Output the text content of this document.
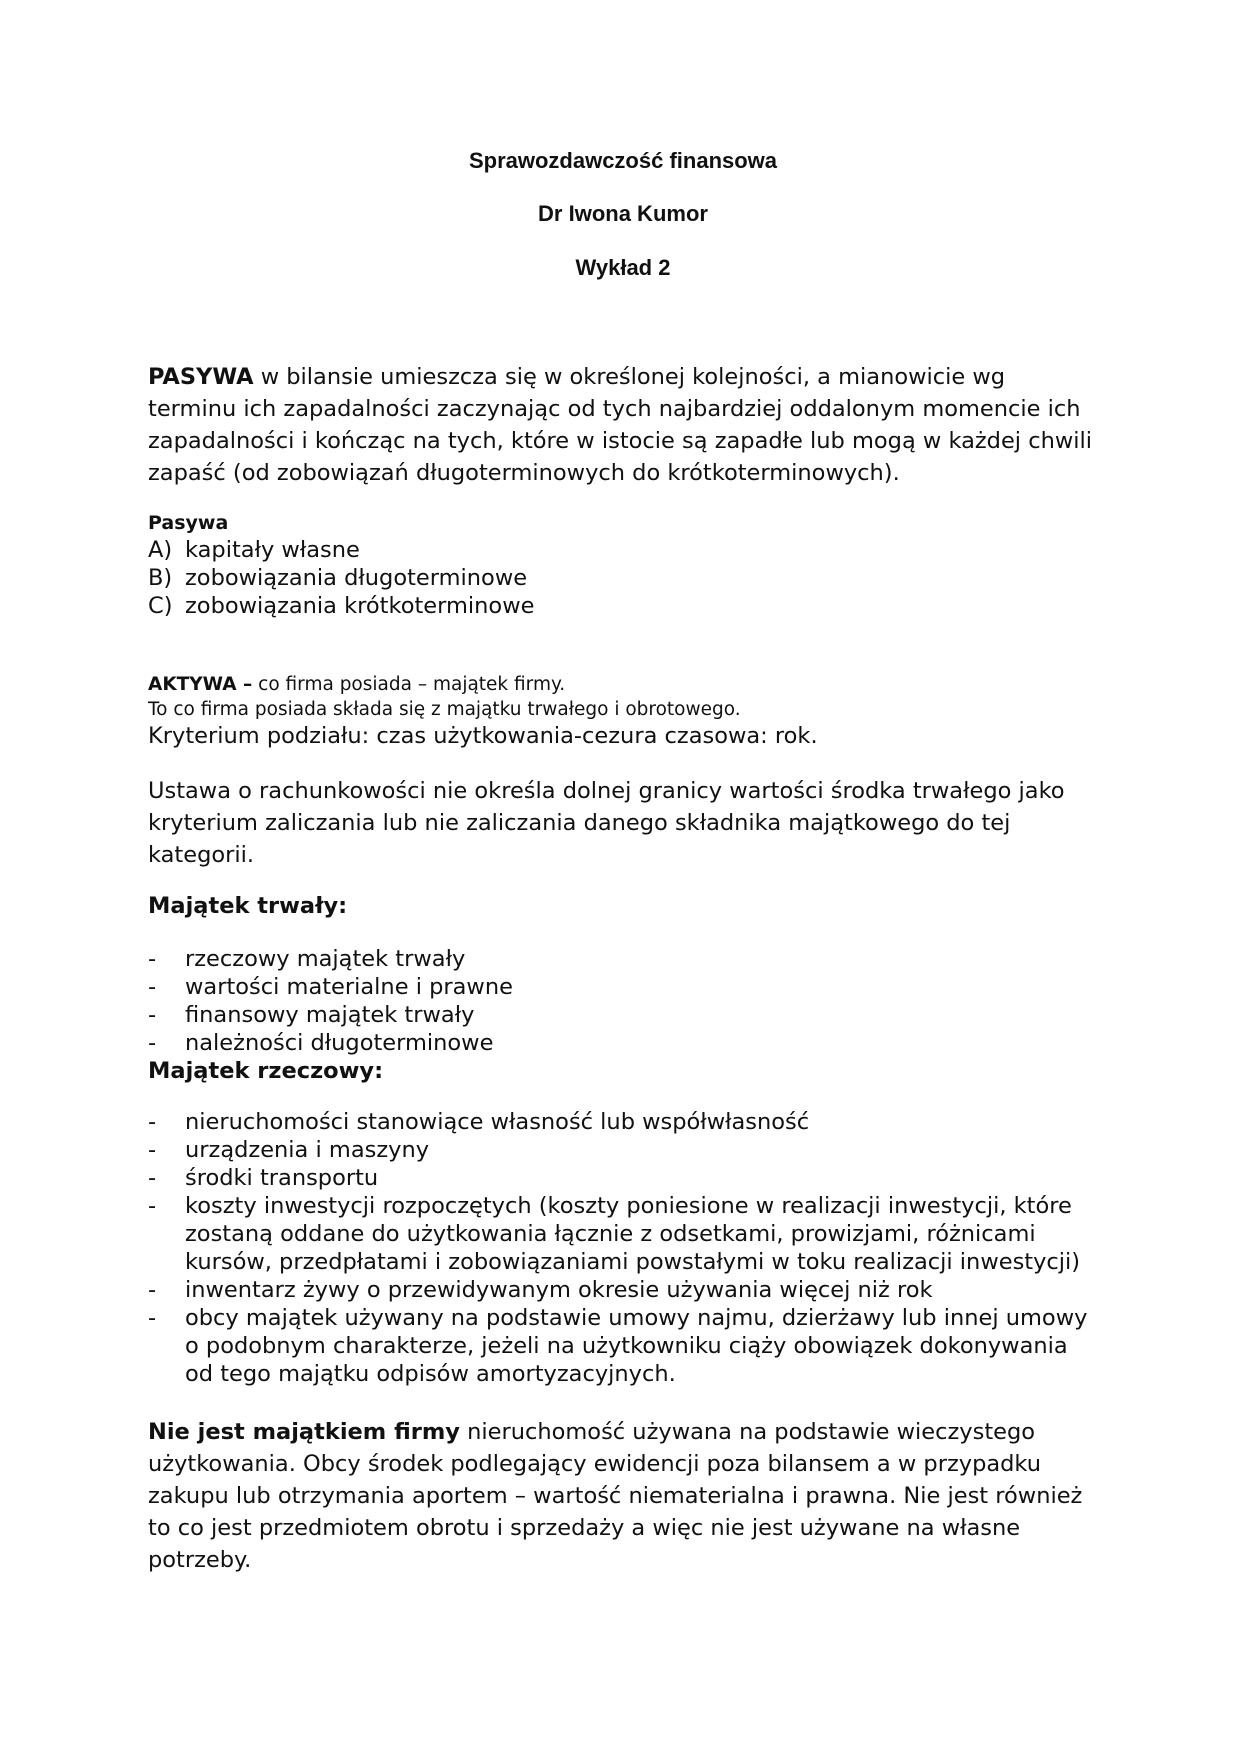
Sprawozdawczość finansowa
Dr Iwona Kumor
Wykład 2

PASYWA w bilansie umieszcza się w określonej kolejności, a mianowicie wg terminu ich zapadalności zaczynając od tych najbardziej oddalonym momencie ich zapadalności i kończąc na tych, które w istocie są zapadłe lub mogą w każdej chwili zapaść (od zobowiązań długoterminowych do krótkoterminowych).

Pasywa
A) kapitały własne
B) zobowiązania długoterminowe
C) zobowiązania krótkoterminowe
AKTYWA – co firma posiada – majątek firmy.
To co firma posiada składa się z majątku trwałego i obrotowego.
Kryterium podziału: czas użytkowania-cezura czasowa: rok.

Ustawa o rachunkowości nie określa dolnej granicy wartości środka trwałego jako kryterium zaliczania lub nie zaliczania danego składnika majątkowego do tej kategorii.

Majątek trwały:
- rzeczowy majątek trwały
- wartości materialne i prawne
- finansowy majątek trwały
- należności długoterminowe
Majątek rzeczowy:
- nieruchomości stanowiące własność lub współwłasność
- urządzenia i maszyny
- środki transportu
- koszty inwestycji rozpoczętych (koszty poniesione w realizacji inwestycji, które zostaną oddane do użytkowania łącznie z odsetkami, prowizjami, różnicami kursów, przedpłatami i zobowiązaniami powstałymi w toku realizacji inwestycji)
- inwentarz żywy o przewidywanym okresie używania więcej niż rok
- obcy majątek używany na podstawie umowy najmu, dzierżawy lub innej umowy o podobnym charakterze, jeżeli na użytkowniku ciąży obowiązek dokonywania od tego majątku odpisów amortyzacyjnych.

Nie jest majątkiem firmy nieruchomość używana na podstawie wieczystego użytkowania. Obcy środek podlegający ewidencji poza bilansem a w przypadku zakupu lub otrzymania aportem – wartość niematerialna i prawna. Nie jest również to co jest przedmiotem obrotu i sprzedaży a więc nie jest używane na własne potrzeby.
